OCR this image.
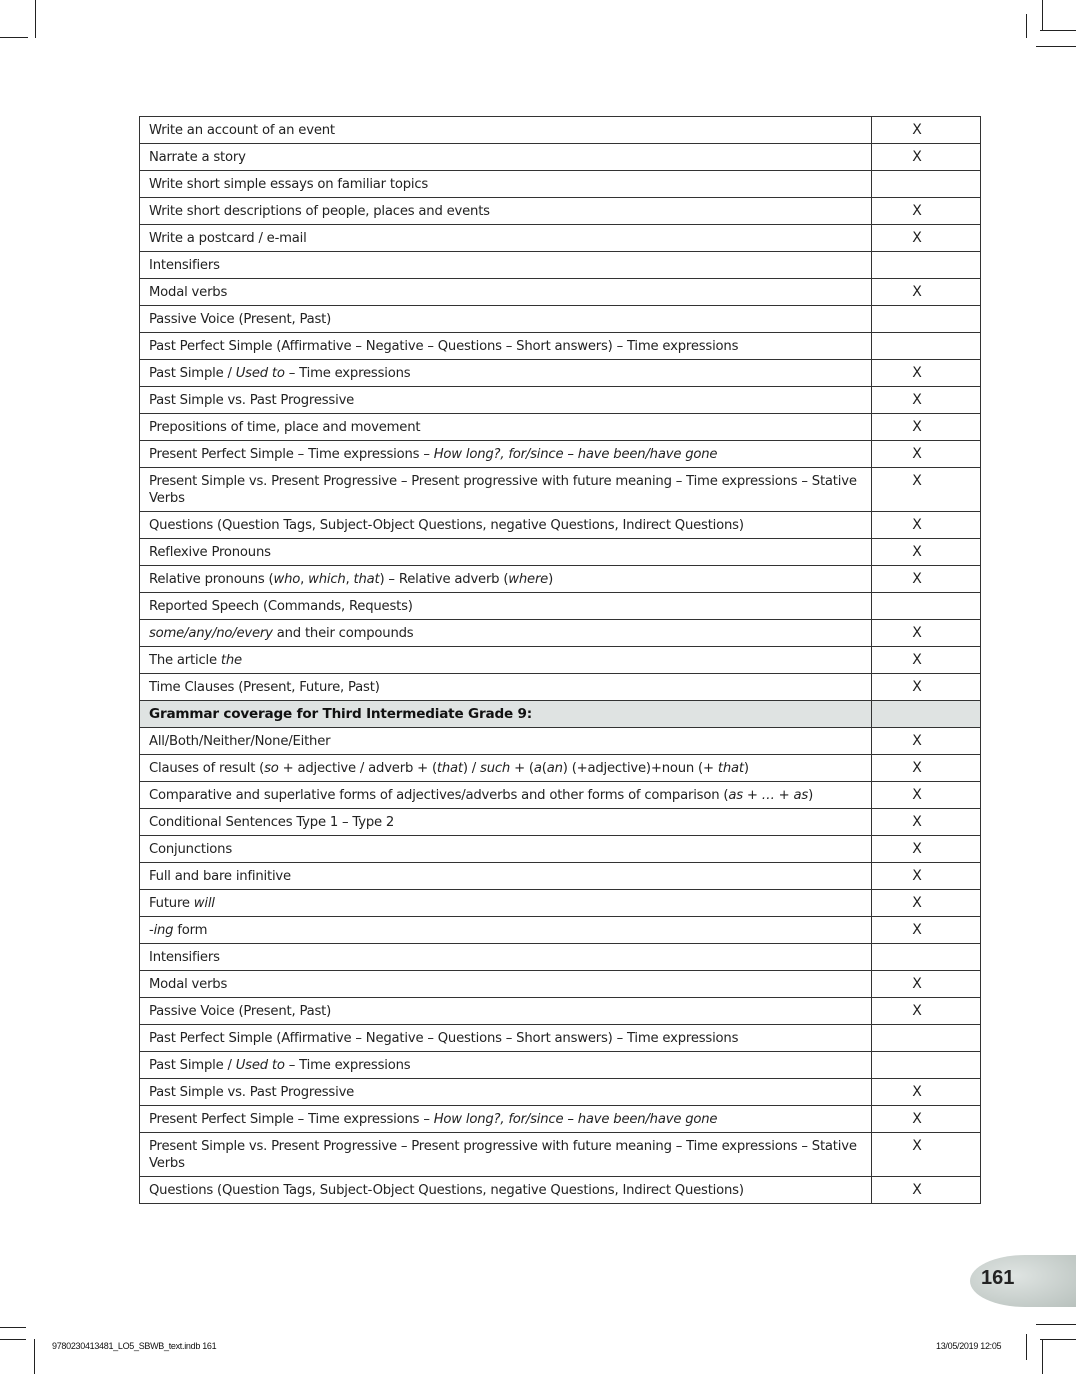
Write an account of an event	X
Narrate a story	X
Write short simple essays on familiar topics	
Write short descriptions of people, places and events	X
Write a postcard / e-mail	X
Intensifiers	
Modal verbs	X
Passive Voice (Present, Past)	
Past Perfect Simple (Affirmative – Negative – Questions – Short answers) – Time expressions	
Past Simple / Used to – Time expressions	X
Past Simple vs. Past Progressive	X
Prepositions of time, place and movement	X
Present Perfect Simple – Time expressions – How long?, for/since – have been/have gone	X
Present Simple vs. Present Progressive – Present progressive with future meaning – Time expressions – Stative Verbs	X
Questions (Question Tags, Subject-Object Questions, negative Questions, Indirect Questions)	X
Reflexive Pronouns	X
Relative pronouns (who, which, that) – Relative adverb (where)	X
Reported Speech (Commands, Requests)	
some/any/no/every and their compounds	X
The article the	X
Time Clauses (Present, Future, Past)	X
Grammar coverage for Third Intermediate Grade 9:	
All/Both/Neither/None/Either	X
Clauses of result (so + adjective / adverb + (that) / such + (a(an) (+adjective)+noun (+ that)	X
Comparative and superlative forms of adjectives/adverbs and other forms of comparison (as + … + as)	X
Conditional Sentences Type 1 – Type 2	X
Conjunctions	X
Full and bare infinitive	X
Future will	X
-ing form	X
Intensifiers	
Modal verbs	X
Passive Voice (Present, Past)	X
Past Perfect Simple (Affirmative – Negative – Questions – Short answers) – Time expressions	
Past Simple / Used to – Time expressions	
Past Simple vs. Past Progressive	X
Present Perfect Simple – Time expressions – How long?, for/since – have been/have gone	X
Present Simple vs. Present Progressive – Present progressive with future meaning – Time expressions – Stative Verbs	X
Questions (Question Tags, Subject-Object Questions, negative Questions, Indirect Questions)	X
161
9780230413481_LO5_SBWB_text.indb 161	13/05/2019 12:05
